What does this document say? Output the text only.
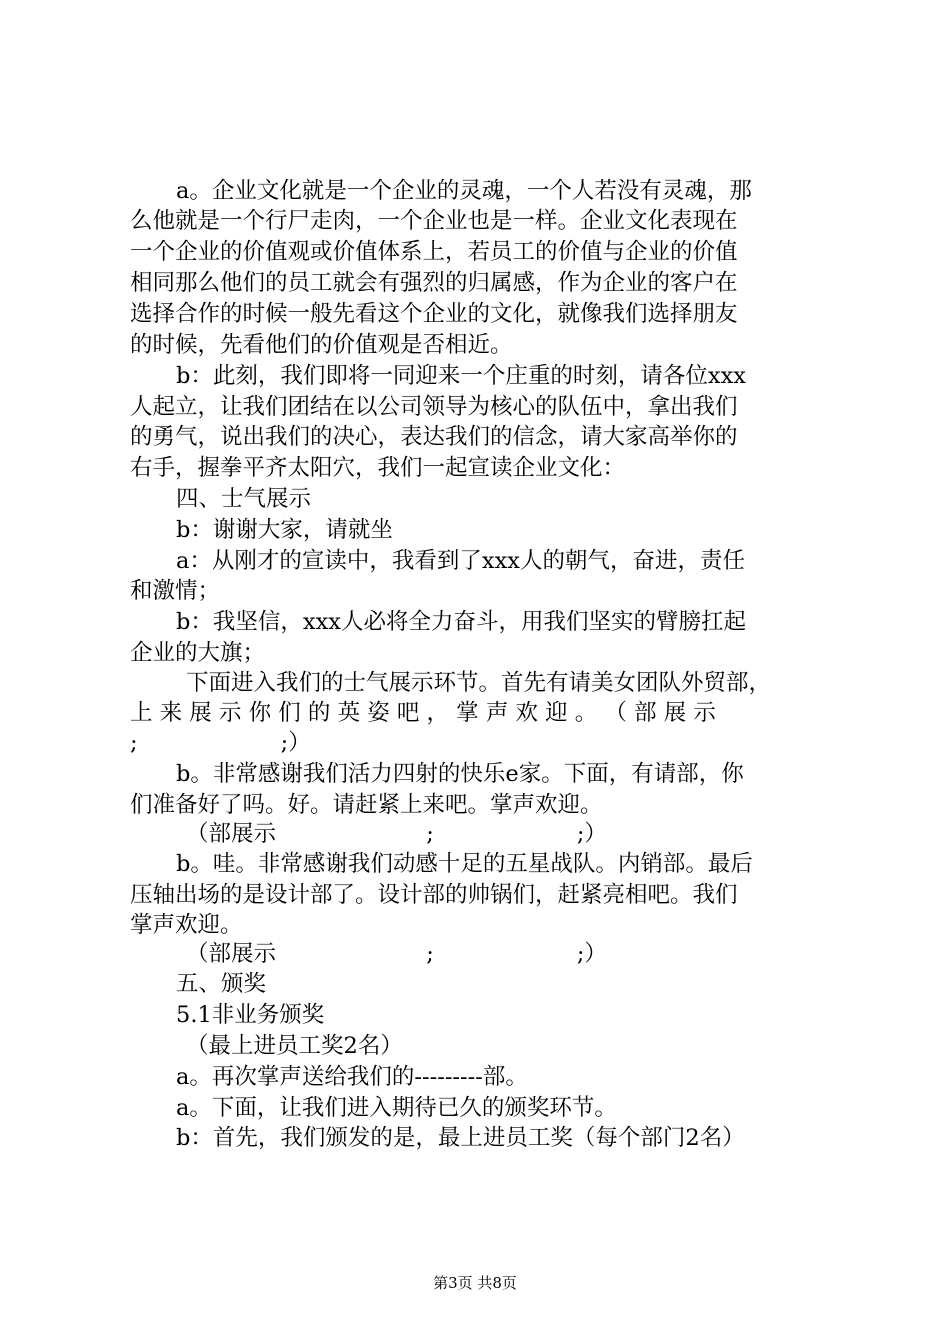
a。企业文化就是一个企业的灵魂，一个人若没有灵魂，那
么他就是一个行尸走肉，一个企业也是一样。企业文化表现在
一个企业的价值观或价值体系上，若员工的价值与企业的价值
相同那么他们的员工就会有强烈的归属感，作为企业的客户在
选择合作的时候一般先看这个企业的文化，就像我们选择朋友
的时候，先看他们的价值观是否相近。
b：此刻，我们即将一同迎来一个庄重的时刻，请各位xxx
人起立，让我们团结在以公司领导为核心的队伍中，拿出我们
的勇气，说出我们的决心，表达我们的信念，请大家高举你的
右手，握拳平齐太阳穴，我们一起宣读企业文化：
四、士气展示
b：谢谢大家，请就坐
a：从刚才的宣读中，我看到了xxx人的朝气，奋进，责任
和激情；
b：我坚信，xxx人必将全力奋斗，用我们坚实的臂膀扛起
企业的大旗；
下面进入我们的士气展示环节。首先有请美女团队外贸部，
上 来 展 示 你 们 的 英 姿 吧 ， 掌 声 欢 迎 。 （ 部 展 示
;                    ;）
b。非常感谢我们活力四射的快乐e家。下面，有请部，你
们准备好了吗。好。请赶紧上来吧。掌声欢迎。
（部展示                     ;                    ;）
b。哇。非常感谢我们动感十足的五星战队。内销部。最后
压轴出场的是设计部了。设计部的帅锅们，赶紧亮相吧。我们
掌声欢迎。
（部展示                     ;                    ;）
五、颁奖
5.1非业务颁奖
（最上进员工奖2名）
a。再次掌声送给我们的---------部。
a。下面，让我们进入期待已久的颁奖环节。
b：首先，我们颁发的是，最上进员工奖（每个部门2名）
第3页 共8页
